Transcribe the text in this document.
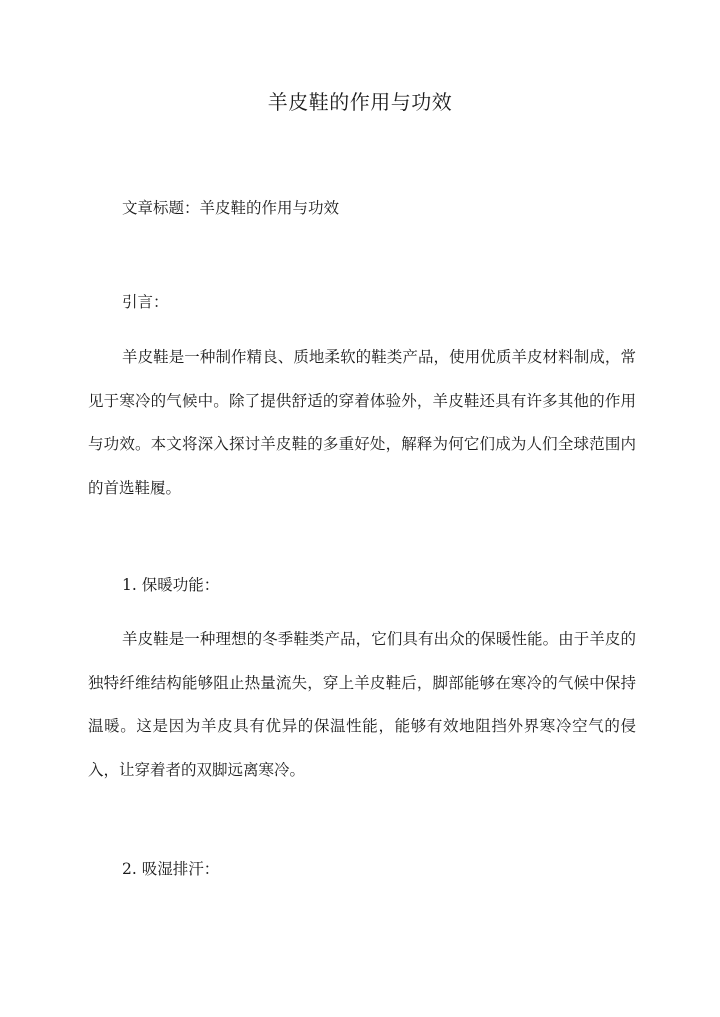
羊皮鞋的作用与功效

文章标题：羊皮鞋的作用与功效

引言：

羊皮鞋是一种制作精良、质地柔软的鞋类产品，使用优质羊皮材料制成，常见于寒冷的气候中。除了提供舒适的穿着体验外，羊皮鞋还具有许多其他的作用与功效。本文将深入探讨羊皮鞋的多重好处，解释为何它们成为人们全球范围内的首选鞋履。

1. 保暖功能：

羊皮鞋是一种理想的冬季鞋类产品，它们具有出众的保暖性能。由于羊皮的独特纤维结构能够阻止热量流失，穿上羊皮鞋后，脚部能够在寒冷的气候中保持温暖。这是因为羊皮具有优异的保温性能，能够有效地阻挡外界寒冷空气的侵入，让穿着者的双脚远离寒冷。

2. 吸湿排汗：
